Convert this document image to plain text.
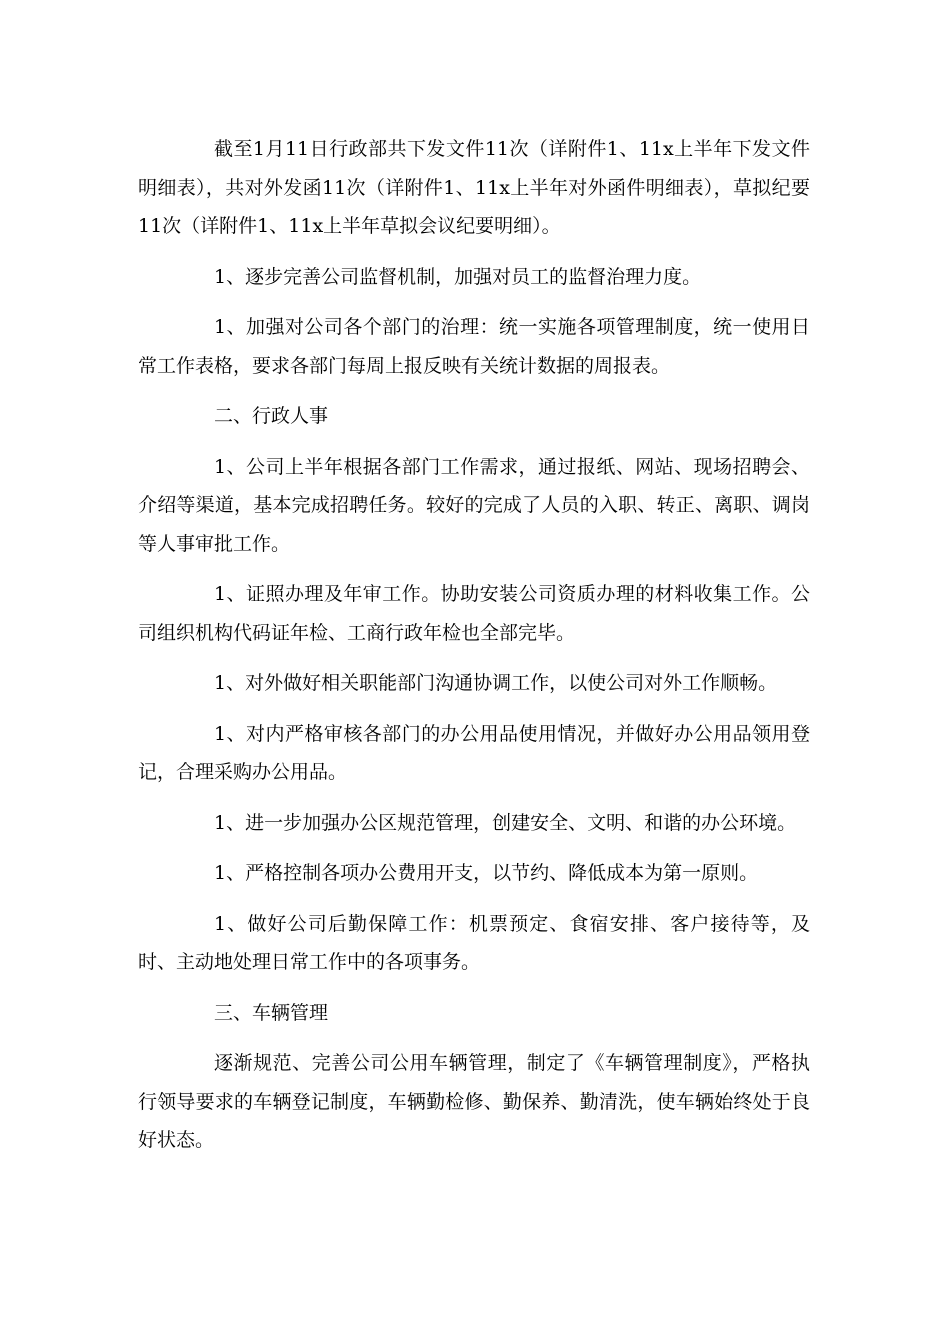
截至1月11日行政部共下发文件11次（详附件1、11x上半年下发文件明细表），共对外发函11次（详附件1、11x上半年对外函件明细表），草拟纪要11次（详附件1、11x上半年草拟会议纪要明细）。

1、逐步完善公司监督机制，加强对员工的监督治理力度。

1、加强对公司各个部门的治理：统一实施各项管理制度，统一使用日常工作表格，要求各部门每周上报反映有关统计数据的周报表。

二、行政人事

1、公司上半年根据各部门工作需求，通过报纸、网站、现场招聘会、介绍等渠道，基本完成招聘任务。较好的完成了人员的入职、转正、离职、调岗等人事审批工作。

1、证照办理及年审工作。协助安装公司资质办理的材料收集工作。公司组织机构代码证年检、工商行政年检也全部完毕。

1、对外做好相关职能部门沟通协调工作，以使公司对外工作顺畅。

1、对内严格审核各部门的办公用品使用情况，并做好办公用品领用登记，合理采购办公用品。

1、进一步加强办公区规范管理，创建安全、文明、和谐的办公环境。

1、严格控制各项办公费用开支，以节约、降低成本为第一原则。

1、做好公司后勤保障工作：机票预定、食宿安排、客户接待等，及时、主动地处理日常工作中的各项事务。

三、车辆管理

逐渐规范、完善公司公用车辆管理，制定了《车辆管理制度》，严格执行领导要求的车辆登记制度，车辆勤检修、勤保养、勤清洗，使车辆始终处于良好状态。
